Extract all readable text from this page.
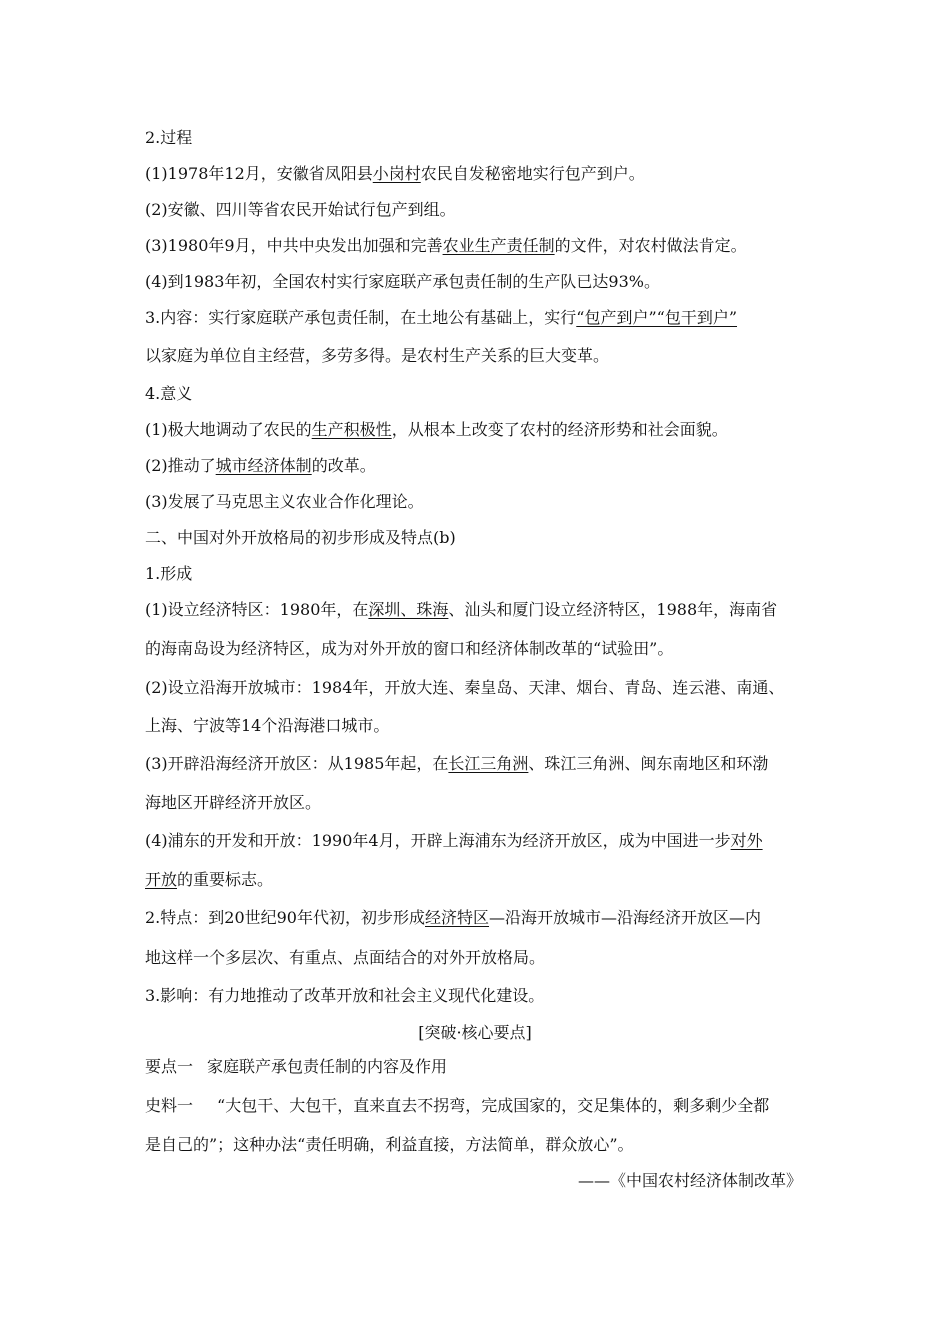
2.过程
(1)1978年12月，安徽省凤阳县小岗村农民自发秘密地实行包产到户。
(2)安徽、四川等省农民开始试行包产到组。
(3)1980年9月，中共中央发出加强和完善农业生产责任制的文件，对农村做法肯定。
(4)到1983年初，全国农村实行家庭联产承包责任制的生产队已达93%。
3.内容：实行家庭联产承包责任制，在土地公有基础上，实行“包产到户”“包干到户”
以家庭为单位自主经营，多劳多得。是农村生产关系的巨大变革。
4.意义
(1)极大地调动了农民的生产积极性，从根本上改变了农村的经济形势和社会面貌。
(2)推动了城市经济体制的改革。
(3)发展了马克思主义农业合作化理论。
二、中国对外开放格局的初步形成及特点(b)
1.形成
(1)设立经济特区：1980年，在深圳、珠海、汕头和厦门设立经济特区，1988年，海南省
的海南岛设为经济特区，成为对外开放的窗口和经济体制改革的“试验田”。
(2)设立沿海开放城市：1984年，开放大连、秦皇岛、天津、烟台、青岛、连云港、南通、
上海、宁波等14个沿海港口城市。
(3)开辟沿海经济开放区：从1985年起，在长江三角洲、珠江三角洲、闽东南地区和环渤
海地区开辟经济开放区。
(4)浦东的开发和开放：1990年4月，开辟上海浦东为经济开放区，成为中国进一步对外
开放的重要标志。
2.特点：到20世纪90年代初，初步形成经济特区—沿海开放城市—沿海经济开放区—内
地这样一个多层次、有重点、点面结合的对外开放格局。
3.影响：有力地推动了改革开放和社会主义现代化建设。
[突破·核心要点]
要点一 家庭联产承包责任制的内容及作用
史料一 “大包干、大包干，直来直去不拐弯，完成国家的，交足集体的，剩多剩少全都
是自己的”；这种办法“责任明确，利益直接，方法简单，群众放心”。
——《中国农村经济体制改革》
